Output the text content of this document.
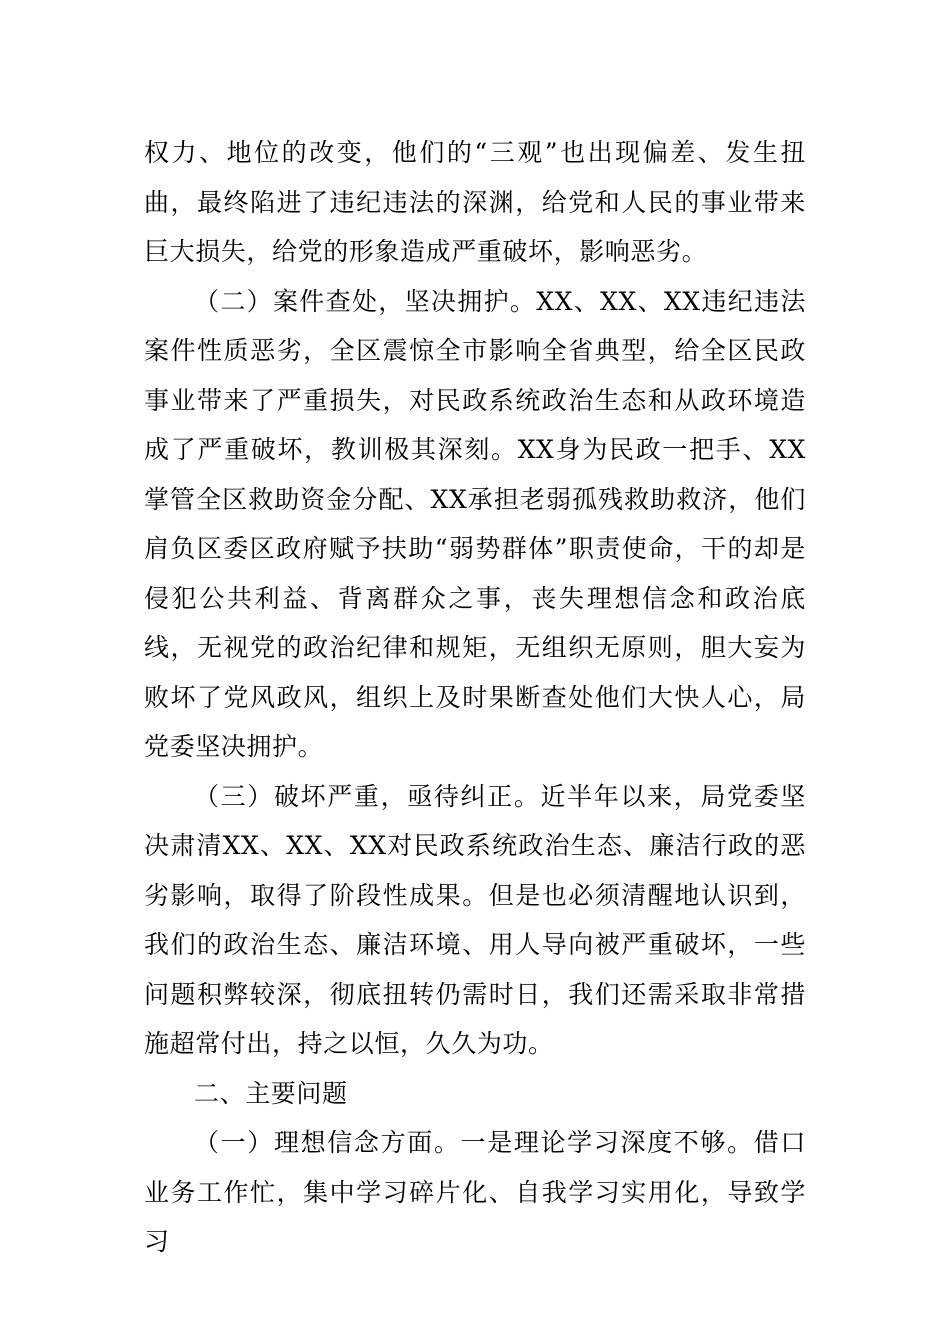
权力、地位的改变，他们的“三观”也出现偏差、发生扭曲，最终陷进了违纪违法的深渊，给党和人民的事业带来巨大损失，给党的形象造成严重破坏，影响恶劣。

（二）案件查处，坚决拥护。XX、XX、XX违纪违法案件性质恶劣，全区震惊全市影响全省典型，给全区民政事业带来了严重损失，对民政系统政治生态和从政环境造成了严重破坏，教训极其深刻。XX身为民政一把手、XX掌管全区救助资金分配、XX承担老弱孤残救助救济，他们肩负区委区政府赋予扶助“弱势群体”职责使命，干的却是侵犯公共利益、背离群众之事，丧失理想信念和政治底线，无视党的政治纪律和规矩，无组织无原则，胆大妄为败坏了党风政风，组织上及时果断查处他们大快人心，局党委坚决拥护。

（三）破坏严重，亟待纠正。近半年以来，局党委坚决肃清XX、XX、XX对民政系统政治生态、廉洁行政的恶劣影响，取得了阶段性成果。但是也必须清醒地认识到，我们的政治生态、廉洁环境、用人导向被严重破坏，一些问题积弊较深，彻底扭转仍需时日，我们还需采取非常措施超常付出，持之以恒，久久为功。

二、主要问题

（一）理想信念方面。一是理论学习深度不够。借口业务工作忙，集中学习碎片化、自我学习实用化，导致学习
